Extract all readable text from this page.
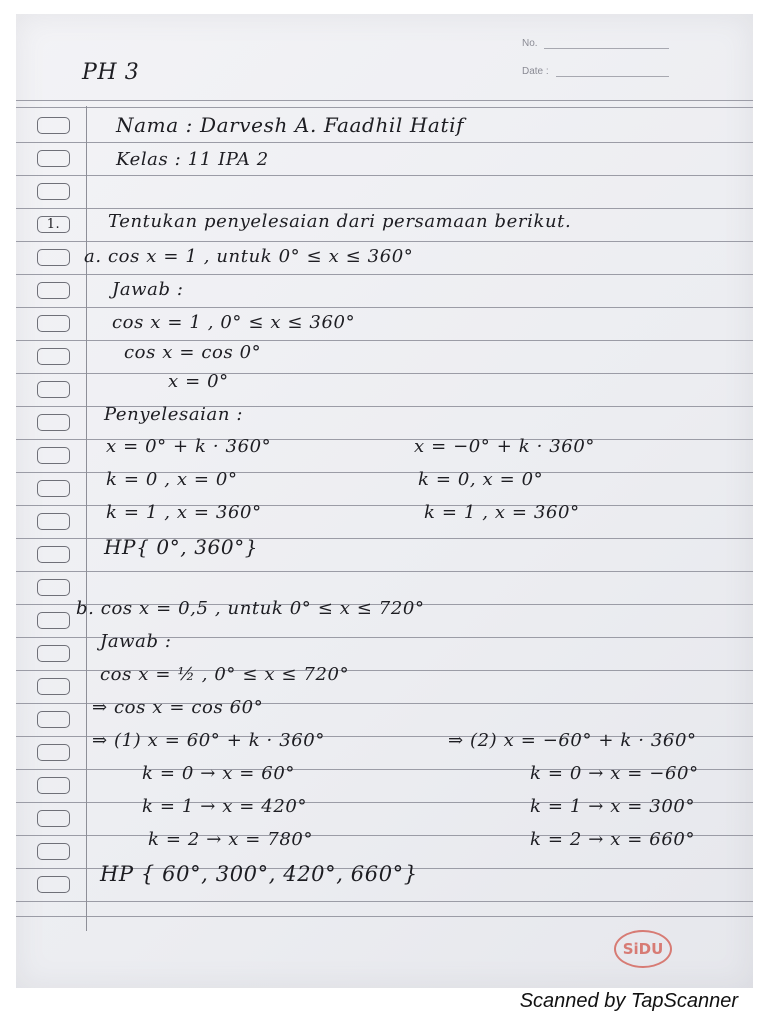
No.
Date :
PH 3
1.
Nama : Darvesh A. Faadhil Hatif
Kelas : 11 IPA 2
Tentukan penyelesaian dari persamaan berikut.
a. cos x = 1 , untuk 0° ≤ x ≤ 360°
Jawab :
cos x = 1 , 0° ≤ x ≤ 360°
cos x = cos 0°
x = 0°
Penyelesaian :
x = 0° + k · 360°
k = 0 , x = 0°
k = 1 , x = 360°
x = −0° + k · 360°
k = 0, x = 0°
k = 1 , x = 360°
HP{ 0°, 360°}
b. cos x = 0,5 , untuk 0° ≤ x ≤ 720°
Jawab :
cos x = ½ , 0° ≤ x ≤ 720°
⇒ cos x = cos 60°
⇒ (1) x = 60° + k · 360°
k = 0 → x = 60°
k = 1 → x = 420°
k = 2 → x = 780°
⇒ (2) x = −60° + k · 360°
k = 0 → x = −60°
k = 1 → x = 300°
k = 2 → x = 660°
HP { 60°, 300°, 420°, 660°}
SiDU
Scanned by TapScanner
